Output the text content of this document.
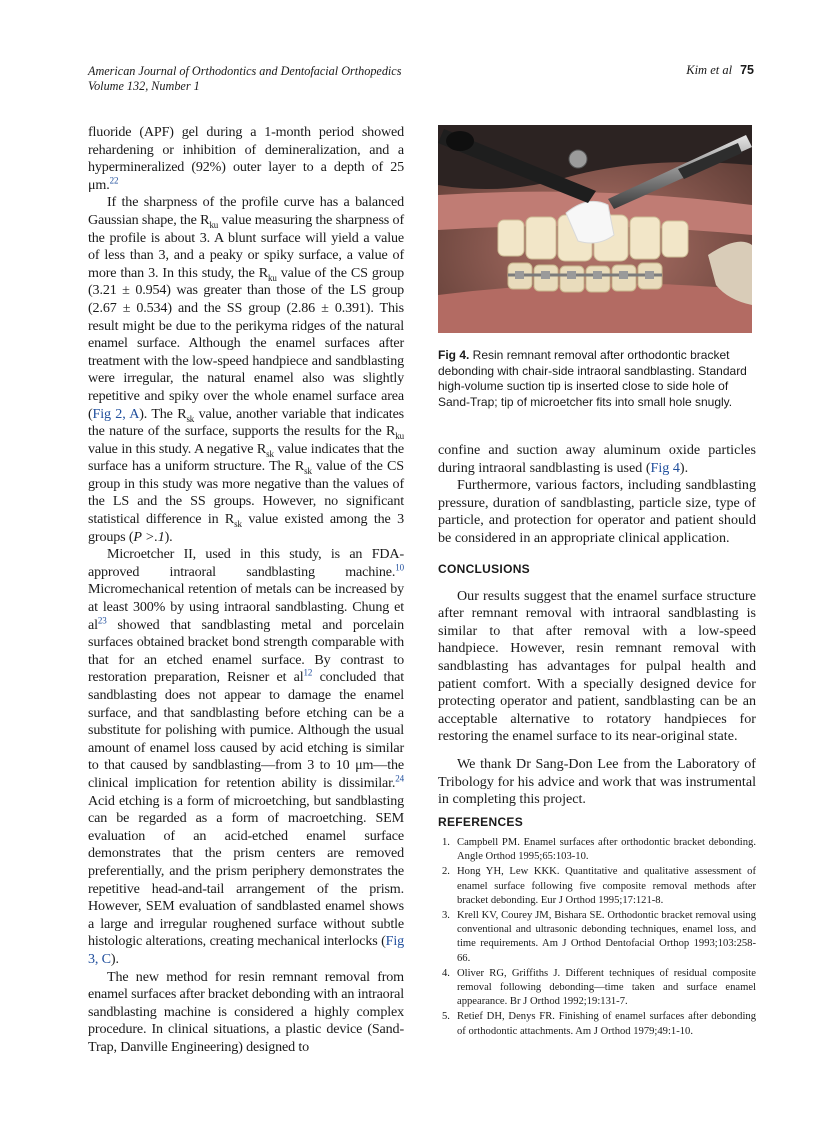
American Journal of Orthodontics and Dentofacial Orthopedics
Volume 132, Number 1
Kim et al 75

fluoride (APF) gel during a 1-month period showed rehardening or inhibition of demineralization, and a hypermineralized (92%) outer layer to a depth of 25 μm.$^{22}$

If the sharpness of the profile curve has a balanced Gaussian shape, the $R_{ku}$ value measuring the sharpness of the profile is about 3. A blunt surface will yield a value of less than 3, and a peaky or spiky surface, a value of more than 3. In this study, the $R_{ku}$ value of the CS group (3.21 ± 0.954) was greater than those of the LS group (2.67 ± 0.534) and the SS group (2.86 ± 0.391). This result might be due to the perikyma ridges of the natural enamel surface. Although the enamel surfaces after treatment with the low-speed handpiece and sandblasting were irregular, the natural enamel also was slightly repetitive and spiky over the whole enamel surface area (Fig 2, A). The $R_{sk}$ value, another variable that indicates the nature of the surface, supports the results for the $R_{ku}$ value in this study. A negative $R_{sk}$ value indicates that the surface has a uniform structure. The $R_{sk}$ value of the CS group in this study was more negative than the values of the LS and the SS groups. However, no significant statistical difference in $R_{sk}$ value existed among the 3 groups (P >.1).

Microetcher II, used in this study, is an FDA-approved intraoral sandblasting machine.$^{10}$ Micromechanical retention of metals can be increased by at least 300% by using intraoral sandblasting. Chung et $al^{23}$ showed that sandblasting metal and porcelain surfaces obtained bracket bond strength comparable with that for an etched enamel surface. By contrast to restoration preparation, Reisner et $al^{12}$ concluded that sandblasting does not appear to damage the enamel surface, and that sandblasting before etching can be a substitute for polishing with pumice. Although the usual amount of enamel loss caused by acid etching is similar to that caused by sandblasting—from 3 to 10 μm—the clinical implication for retention ability is dissimilar.$^{24}$ Acid etching is a form of microetching, but sandblasting can be regarded as a form of macroetching. SEM evaluation of an acid-etched enamel surface demonstrates that the prism centers are removed preferentially, and the prism periphery demonstrates the repetitive head-and-tail arrangement of the prism. However, SEM evaluation of sandblasted enamel shows a large and irregular roughened surface without subtle histologic alterations, creating mechanical interlocks (Fig 3, C).

The new method for resin remnant removal from enamel surfaces after bracket debonding with an intraoral sandblasting machine is considered a highly complex procedure. In clinical situations, a plastic device (Sand-Trap, Danville Engineering) designed to

Fig 4. Resin remnant removal after orthodontic bracket debonding with chair-side intraoral sandblasting. Standard high-volume suction tip is inserted close to side hole of Sand-Trap; tip of microetcher fits into small hole snugly.

confine and suction away aluminum oxide particles during intraoral sandblasting is used (Fig 4).

Furthermore, various factors, including sandblasting pressure, duration of sandblasting, particle size, type of particle, and protection for operator and patient should be considered in an appropriate clinical application.

CONCLUSIONS

Our results suggest that the enamel surface structure after remnant removal with intraoral sandblasting is similar to that after removal with a low-speed handpiece. However, resin remnant removal with sandblasting has advantages for pulpal health and patient comfort. With a specially designed device for protecting operator and patient, sandblasting can be an acceptable alternative to rotatory handpieces for restoring the enamel surface to its near-original state.

We thank Dr Sang-Don Lee from the Laboratory of Tribology for his advice and work that was instrumental in completing this project.

REFERENCES
1. Campbell PM. Enamel surfaces after orthodontic bracket debonding. Angle Orthod 1995;65:103-10.
2. Hong YH, Lew KKK. Quantitative and qualitative assessment of enamel surface following five composite removal methods after bracket debonding. Eur J Orthod 1995;17:121-8.
3. Krell KV, Courey JM, Bishara SE. Orthodontic bracket removal using conventional and ultrasonic debonding techniques, enamel loss, and time requirements. Am J Orthod Dentofacial Orthop 1993;103:258-66.
4. Oliver RG, Griffiths J. Different techniques of residual composite removal following debonding—time taken and surface enamel appearance. Br J Orthod 1992;19:131-7.
5. Retief DH, Denys FR. Finishing of enamel surfaces after debonding of orthodontic attachments. Am J Orthod 1979;49:1-10.
